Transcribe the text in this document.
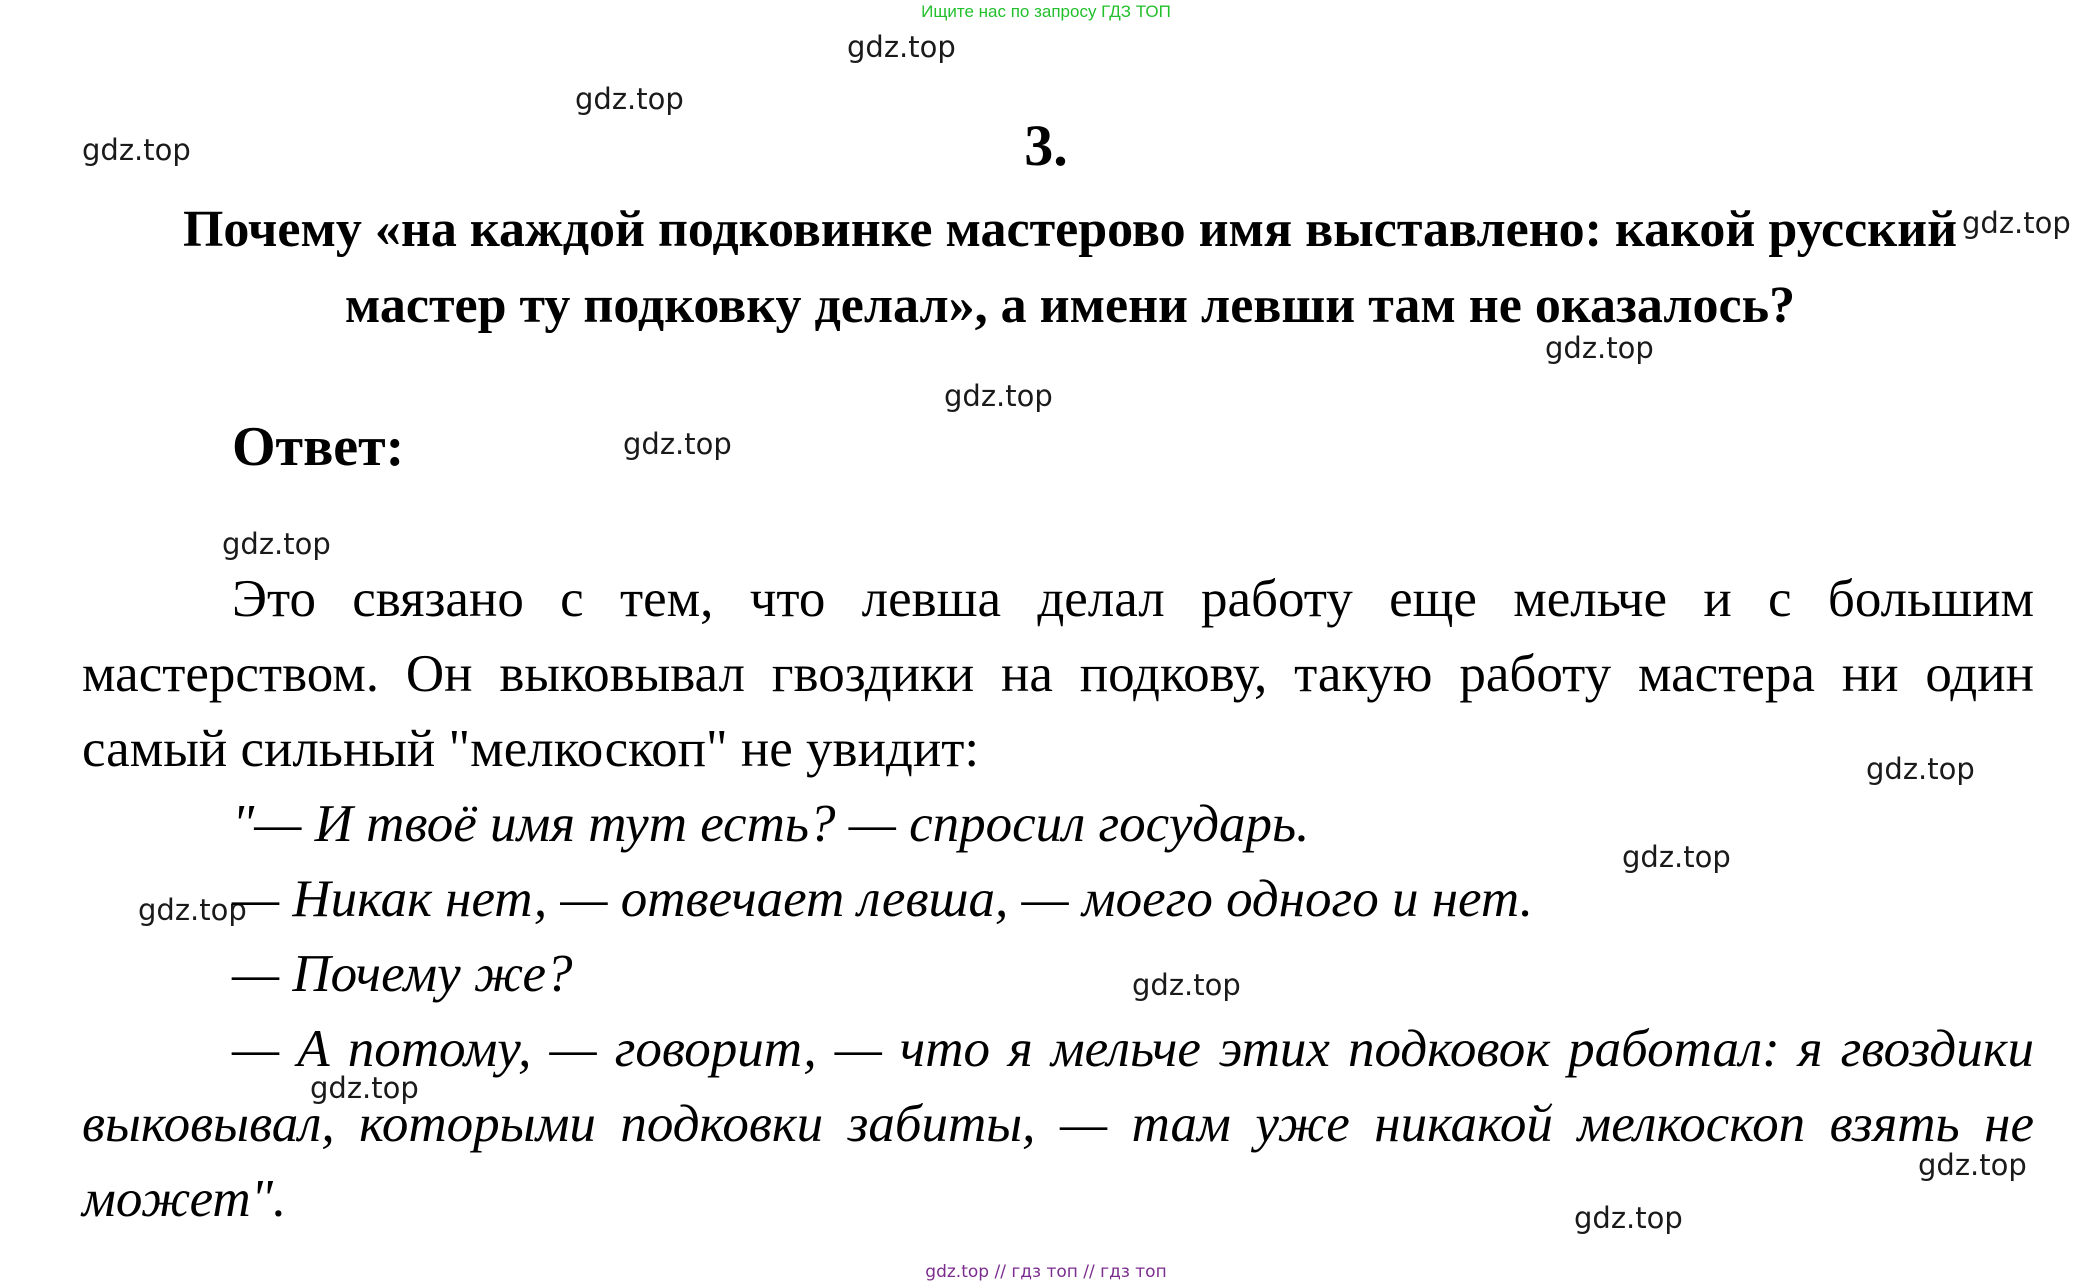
Ищите нас по запросу ГДЗ ТОП
gdz.top
gdz.top
gdz.top
gdz.top
gdz.top
gdz.top
gdz.top
gdz.top
gdz.top
gdz.top
gdz.top
gdz.top
gdz.top
gdz.top
gdz.top
3.
Почему «на каждой подковинке мастерово имя выставлено: какой русский мастер ту подковку делал», а имени левши там не оказалось?
Ответ:

Это связано с тем, что левша делал работу еще мельче и с большим мастерством. Он выковывал гвоздики на подкову, такую работу мастера ни один самый сильный "мелкоскоп" не увидит:

"— И твоё имя тут есть? — спросил государь.

— Никак нет, — отвечает левша, — моего одного и нет.

— Почему же?

— А потому, — говорит, — что я мельче этих подковок работал: я гвоздики выковывал, которыми подковки забиты, — там уже никакой мелкоскоп взять не может".

gdz.top // гдз топ // гдз топ
